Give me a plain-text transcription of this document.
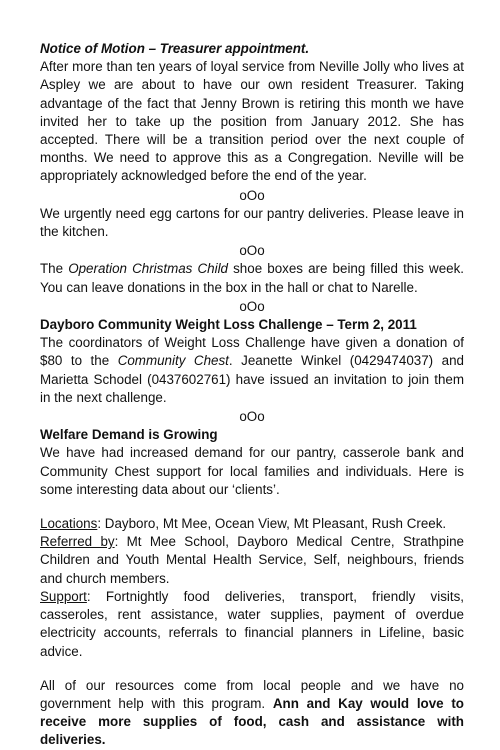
Notice of Motion – Treasurer appointment.

After more than ten years of loyal service from Neville Jolly who lives at Aspley we are about to have our own resident Treasurer. Taking advantage of the fact that Jenny Brown is retiring this month we have invited her to take up the position from January 2012. She has accepted. There will be a transition period over the next couple of months. We need to approve this as a Congregation. Neville will be appropriately acknowledged before the end of the year.

oOo

We urgently need egg cartons for our pantry deliveries. Please leave in the kitchen.

oOo

The Operation Christmas Child shoe boxes are being filled this week. You can leave donations in the box in the hall or chat to Narelle.

oOo

Dayboro Community Weight Loss Challenge – Term 2, 2011

The coordinators of Weight Loss Challenge have given a donation of $80 to the Community Chest. Jeanette Winkel (0429474037) and Marietta Schodel (0437602761) have issued an invitation to join them in the next challenge.

oOo

Welfare Demand is Growing

We have had increased demand for our pantry, casserole bank and Community Chest support for local families and individuals. Here is some interesting data about our ‘clients’.

Locations: Dayboro, Mt Mee, Ocean View, Mt Pleasant, Rush Creek.

Referred by: Mt Mee School, Dayboro Medical Centre, Strathpine Children and Youth Mental Health Service, Self, neighbours, friends and church members.

Support: Fortnightly food deliveries, transport, friendly visits, casseroles, rent assistance, water supplies, payment of overdue electricity accounts, referrals to financial planners in Lifeline, basic advice.

All of our resources come from local people and we have no government help with this program. Ann and Kay would love to receive more supplies of food, cash and assistance with deliveries.
